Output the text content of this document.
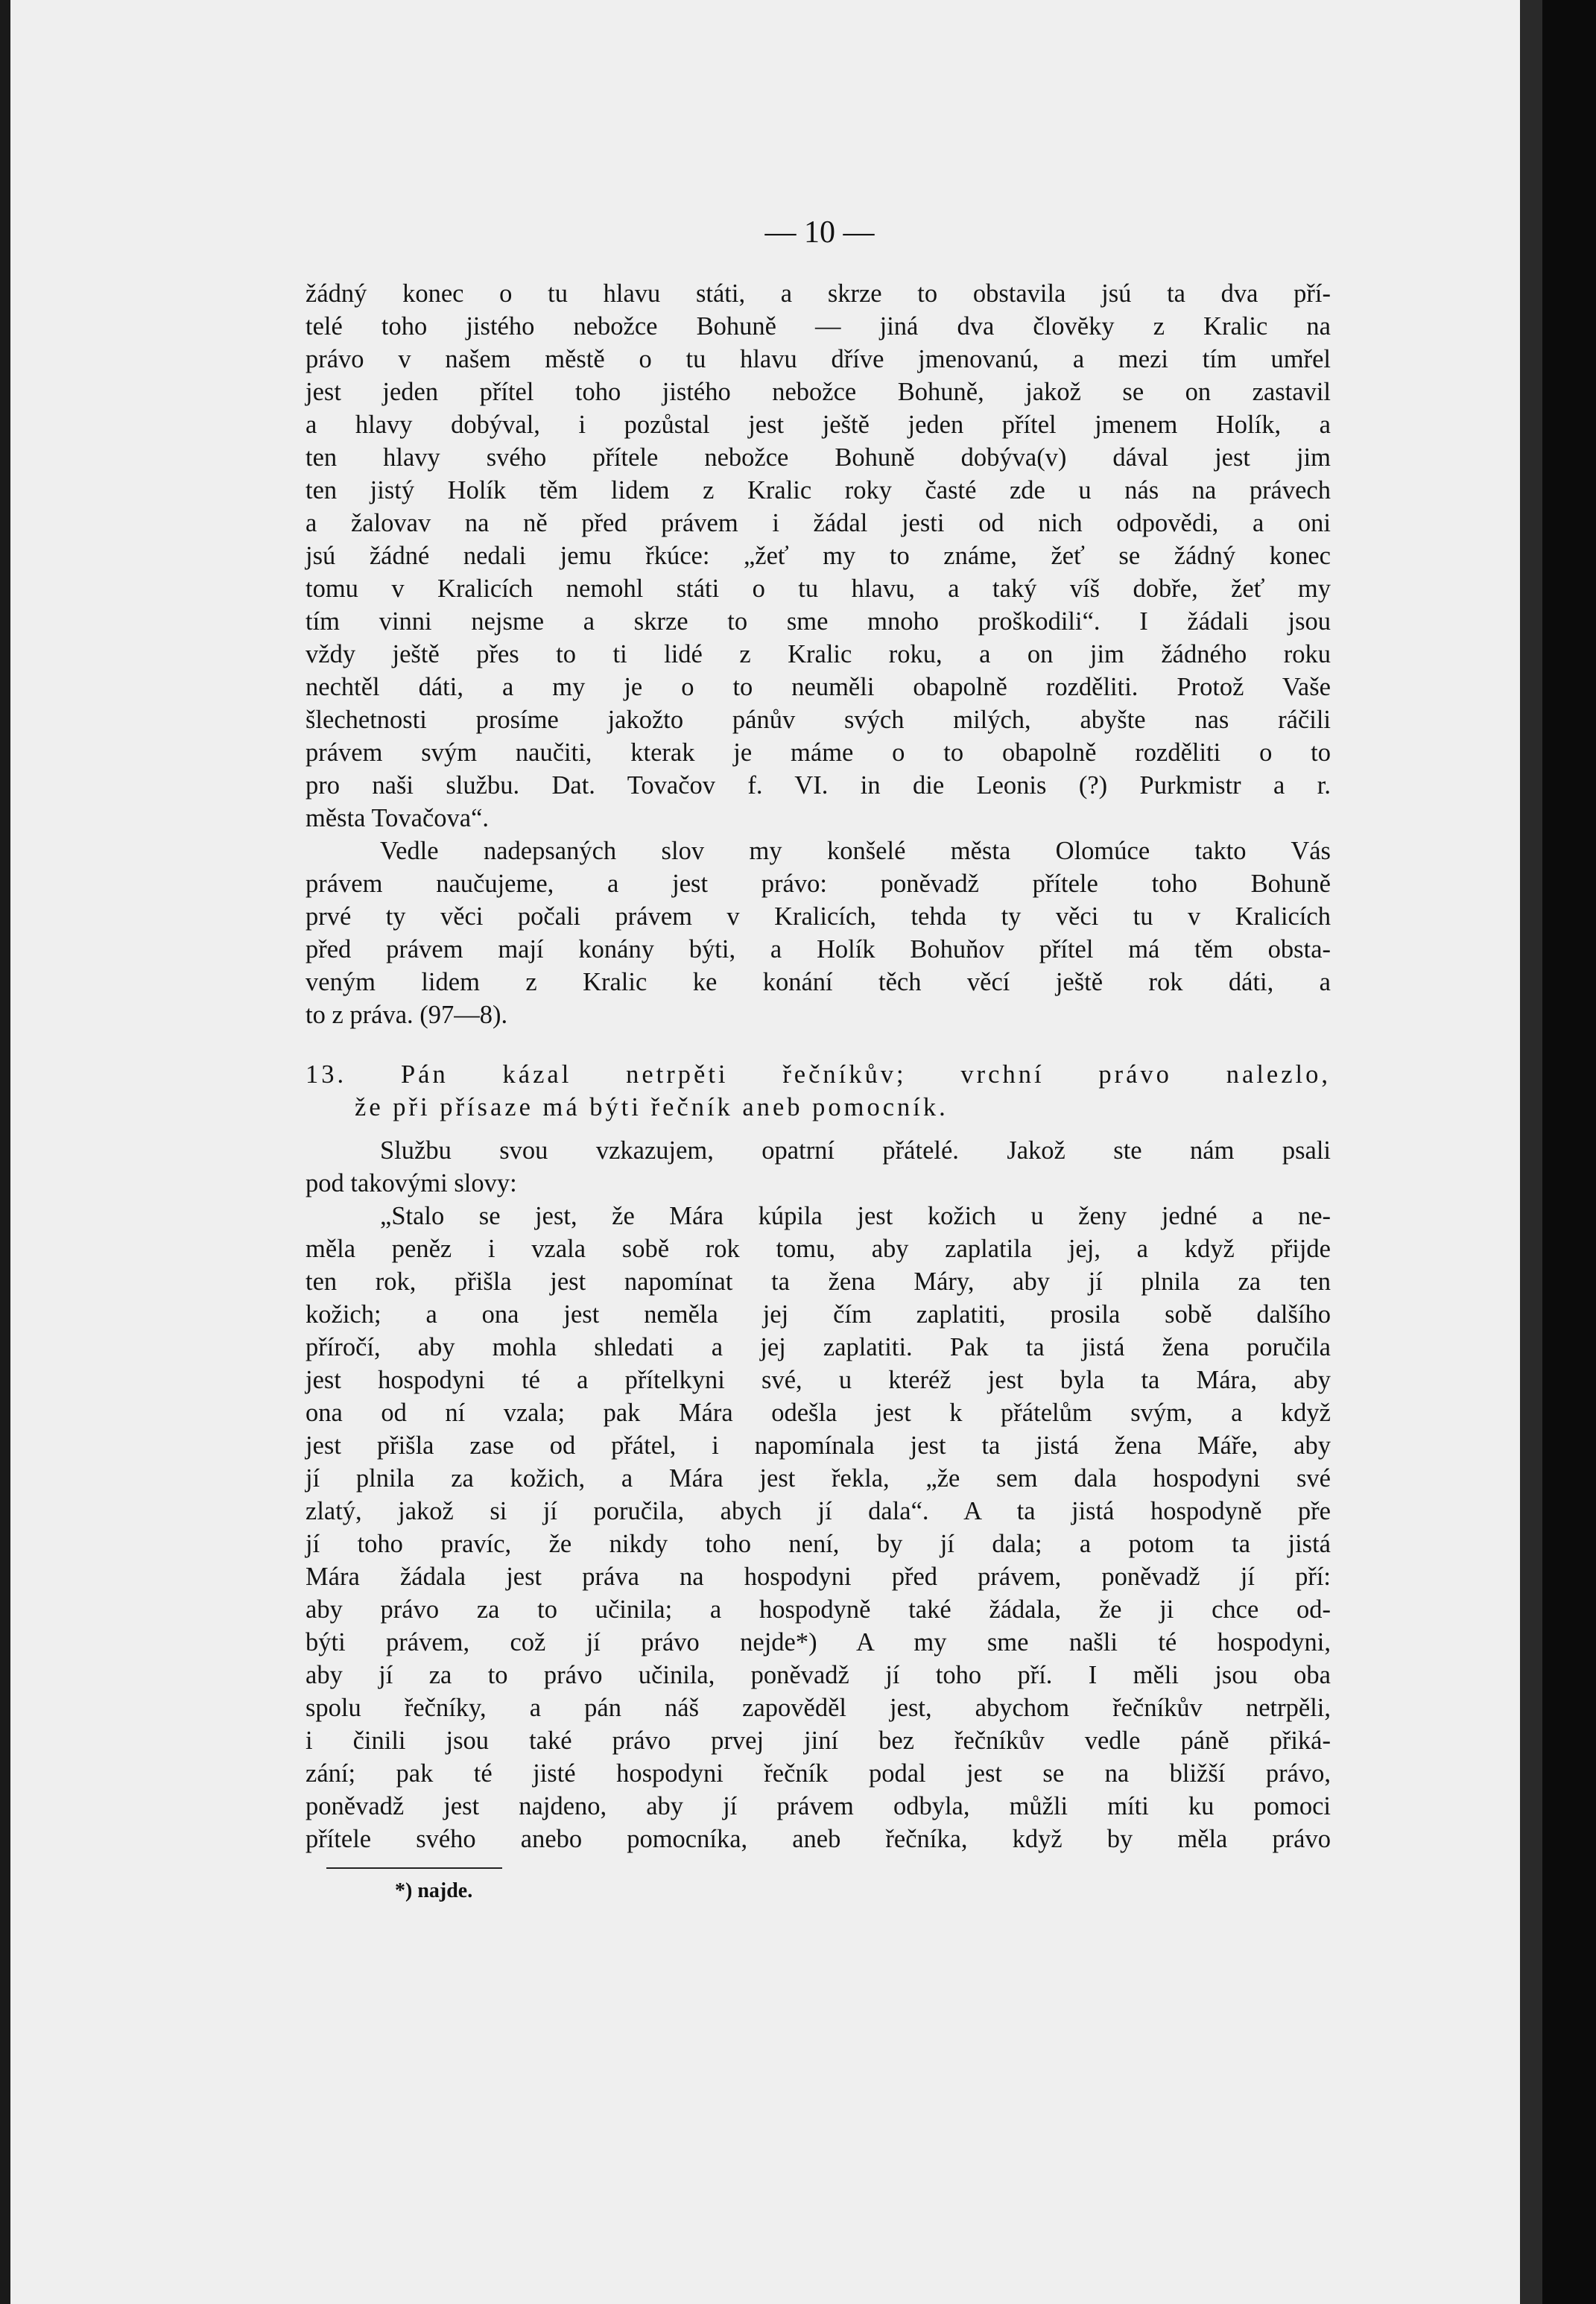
— 10 —
žádný konec o tu hlavu státi, a skrze to obstavila jsú ta dva pří-
telé toho jistého nebožce Bohuně — jiná dva človĕky z Kralic na
právo v našem městě o tu hlavu dříve jmenovanú, a mezi tím umřel
jest jeden přítel toho jistého nebožce Bohuně, jakož se on zastavil
a hlavy dobýval, i pozůstal jest ještě jeden přítel jmenem Holík, a
ten hlavy svého přítele nebožce Bohuně dobýva(v) dával jest jim
ten jistý Holík těm lidem z Kralic roky časté zde u nás na právech
a žalovav na ně před právem i žádal jesti od nich odpovědi, a oni
jsú žádné nedali jemu řkúce: „žeť my to známe, žeť se žádný konec
tomu v Kralicích nemohl státi o tu hlavu, a taký víš dobře, žeť my
tím vinni nejsme a skrze to sme mnoho proškodili“. I žádali jsou
vždy ještě přes to ti lidé z Kralic roku, a on jim žádného roku
nechtěl dáti, a my je o to neuměli obapolně rozděliti. Protož Vaše
šlechetnosti prosíme jakožto pánův svých milých, abyšte nas ráčili
právem svým naučiti, kterak je máme o to obapolně rozděliti o to
pro naši službu. Dat. Tovačov f. VI. in die Leonis (?) Purkmistr a r.
města Tovačova“.
Vedle nadepsaných slov my konšelé města Olomúce takto Vás
právem naučujeme, a jest právo: poněvadž přítele toho Bohuně
prvé ty věci počali právem v Kralicích, tehda ty věci tu v Kralicích
před právem mají konány býti, a Holík Bohuňov přítel má těm obsta-
veným lidem z Kralic ke konání těch věcí ještě rok dáti, a
to z práva. (97—8).
13. Pán kázal netrpěti řečníkův; vrchní právo nalezlo,
že při přísaze má býti řečník aneb pomocník.
Službu svou vzkazujem, opatrní přátelé. Jakož ste nám psali
pod takovými slovy:
„Stalo se jest, že Mára kúpila jest kožich u ženy jedné a ne-
měla peněz i vzala sobě rok tomu, aby zaplatila jej, a když přijde
ten rok, přišla jest napomínat ta žena Máry, aby jí plnila za ten
kožich; a ona jest neměla jej čím zaplatiti, prosila sobě dalšího
příročí, aby mohla shledati a jej zaplatiti. Pak ta jistá žena poručila
jest hospodyni té a přítelkyni své, u kteréž jest byla ta Mára, aby
ona od ní vzala; pak Mára odešla jest k přátelům svým, a když
jest přišla zase od přátel, i napomínala jest ta jistá žena Máře, aby
jí plnila za kožich, a Mára jest řekla, „že sem dala hospodyni své
zlatý, jakož si jí poručila, abych jí dala“. A ta jistá hospodyně pře
jí toho pravíc, že nikdy toho není, by jí dala; a potom ta jistá
Mára žádala jest práva na hospodyni před právem, poněvadž jí pří:
aby právo za to učinila; a hospodyně také žádala, že ji chce od-
býti právem, což jí právo nejde*) A my sme našli té hospodyni,
aby jí za to právo učinila, poněvadž jí toho pří. I měli jsou oba
spolu řečníky, a pán náš zapověděl jest, abychom řečníkův netrpěli,
i činili jsou také právo prvej jiní bez řečníkův vedle páně přiká-
zání; pak té jisté hospodyni řečník podal jest se na bližší právo,
poněvadž jest najdeno, aby jí právem odbyla, můžli míti ku pomoci
přítele svého anebo pomocníka, aneb řečníka, když by měla právo
*) najde.
